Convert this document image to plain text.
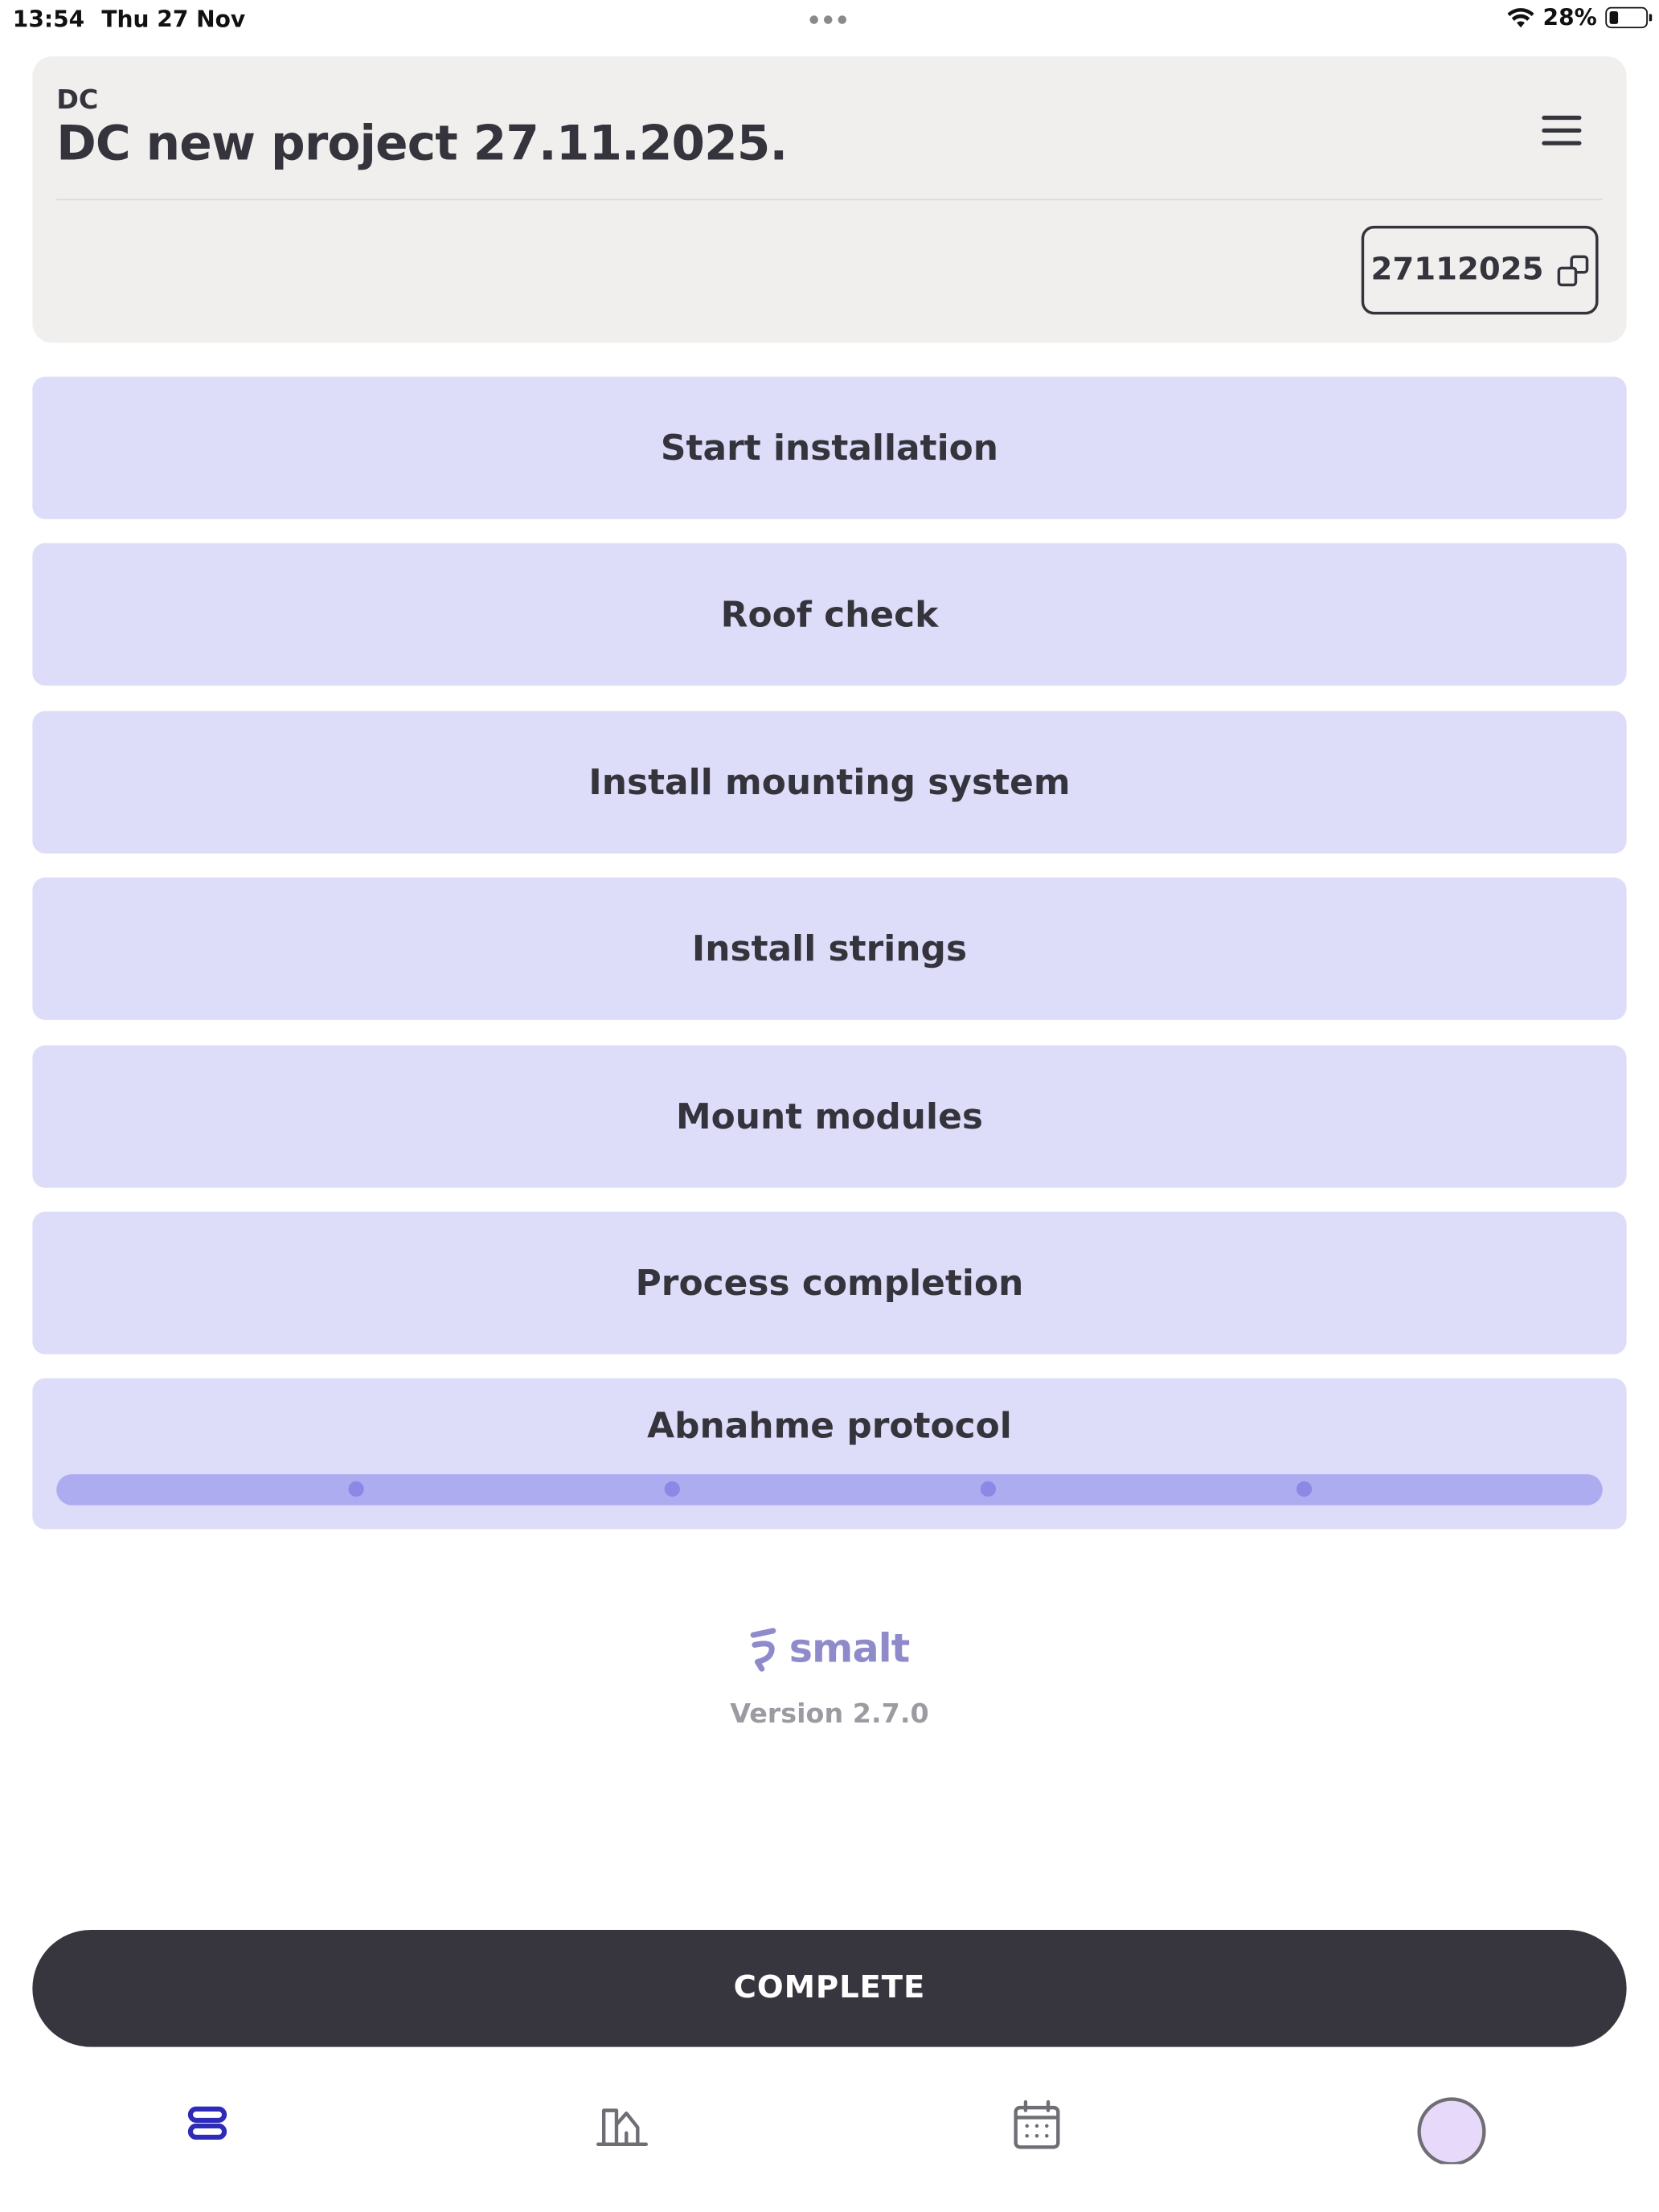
13:54 Thu 27 Nov	28%
DC
DC new project 27.11.2025.
27112025
Start installation
Roof check
Install mounting system
Install strings
Mount modules
Process completion
Abnahme protocol
smalt
Version 2.7.0
COMPLETE
